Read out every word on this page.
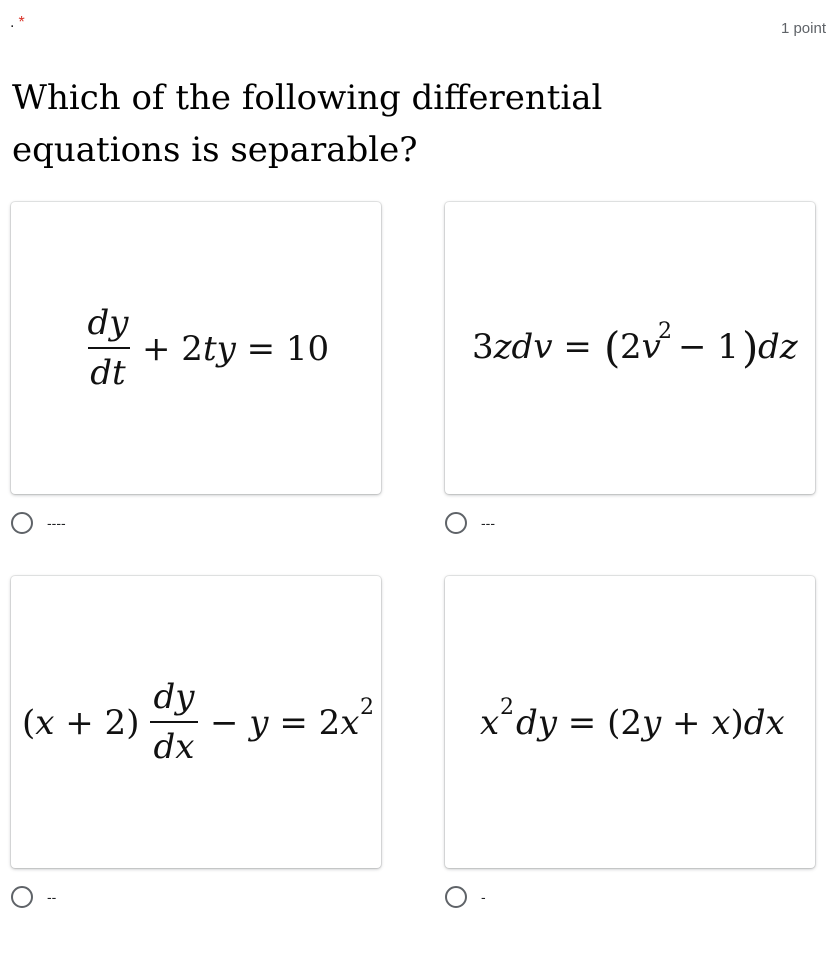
. *	1 point
Which of the following differential equations is separable?
dy
dt
+ 2ty = 10
----
3zdv = ( 2v
2 − 1 ) dz
---
(x + 2)
dy
dx
− y = 2x 2
--
x 2 dy = (2y + x)dx
-
